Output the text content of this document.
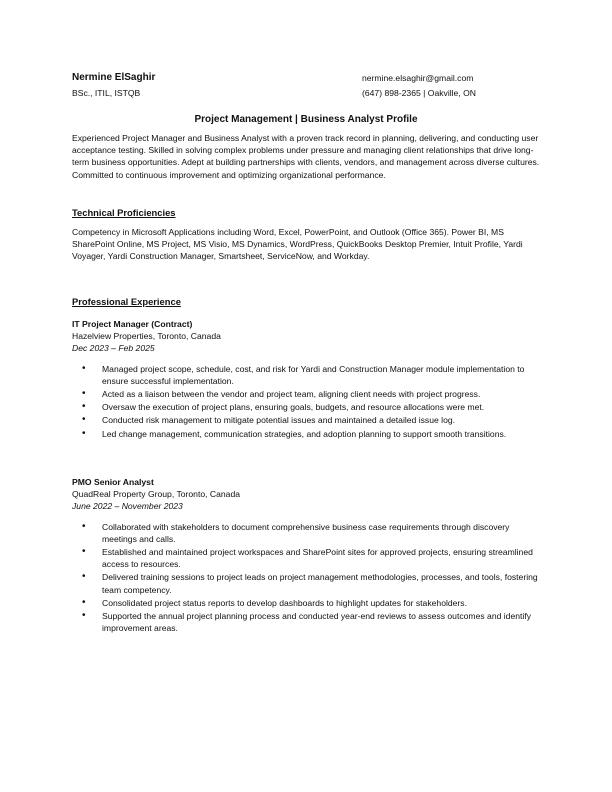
Nermine ElSaghir
BSc., ITIL, ISTQB
nermine.elsaghir@gmail.com
(647) 898-2365 | Oakville, ON
Project Management | Business Analyst Profile
Experienced Project Manager and Business Analyst with a proven track record in planning, delivering, and conducting user acceptance testing. Skilled in solving complex problems under pressure and managing client relationships that drive long-term business opportunities. Adept at building partnerships with clients, vendors, and management across diverse cultures. Committed to continuous improvement and optimizing organizational performance.
Technical Proficiencies
Competency in Microsoft Applications including Word, Excel, PowerPoint, and Outlook (Office 365). Power BI, MS SharePoint Online, MS Project, MS Visio, MS Dynamics, WordPress, QuickBooks Desktop Premier, Intuit Profile, Yardi Voyager, Yardi Construction Manager, Smartsheet, ServiceNow, and Workday.
Professional Experience
IT Project Manager (Contract)
Hazelview Properties, Toronto, Canada
Dec 2023 – Feb 2025
• Managed project scope, schedule, cost, and risk for Yardi and Construction Manager module implementation to ensure successful implementation.
• Acted as a liaison between the vendor and project team, aligning client needs with project progress.
• Oversaw the execution of project plans, ensuring goals, budgets, and resource allocations were met.
• Conducted risk management to mitigate potential issues and maintained a detailed issue log.
• Led change management, communication strategies, and adoption planning to support smooth transitions.
PMO Senior Analyst
QuadReal Property Group, Toronto, Canada
June 2022 – November 2023
• Collaborated with stakeholders to document comprehensive business case requirements through discovery meetings and calls.
• Established and maintained project workspaces and SharePoint sites for approved projects, ensuring streamlined access to resources.
• Delivered training sessions to project leads on project management methodologies, processes, and tools, fostering team competency.
• Consolidated project status reports to develop dashboards to highlight updates for stakeholders.
• Supported the annual project planning process and conducted year-end reviews to assess outcomes and identify improvement areas.
